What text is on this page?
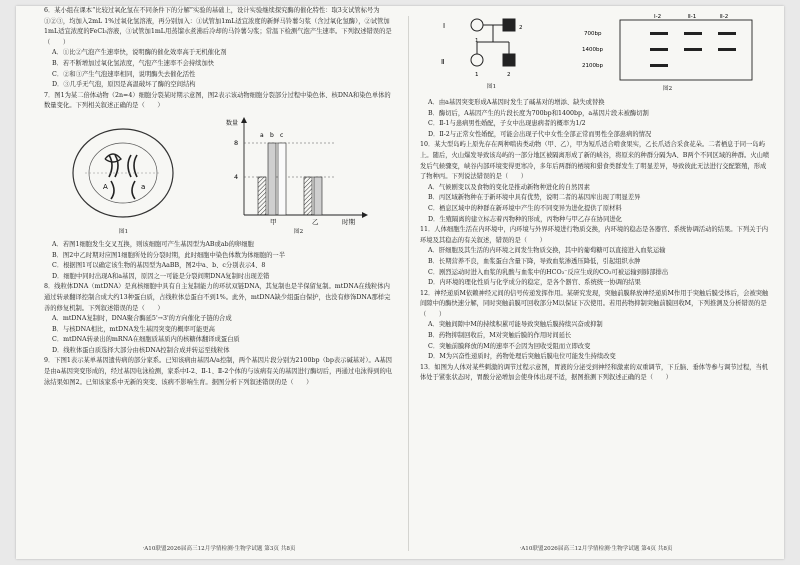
6．某小组在课本“比较过氧化氢在不同条件下的分解”实验的基础上，设计实验继续探究酶的催化特性：取3支试管标号为①②③，均加入2mL 1%过氧化氢溶液，再分别加入：①试管加1mL适宜浓度的新鲜马铃薯匀浆（含过氧化氢酶），②试管加1mL适宜浓度的FeCl₃溶液，③试管加1mL用蒸馏水煮沸后冷却的马铃薯匀浆；常温下检测气泡产生速率。下列叙述错误的是（　　）

A．①比②气泡产生速率快，说明酶的催化效率高于无机催化剂

B．若不断增加过氧化氢浓度，气泡产生速率不会持续加快

C．②和③产生气泡速率相同，说明酶失去催化活性

D．③几乎无气泡，原因是高温破坏了酶的空间结构

7．图1为某二倍体动物（2n=4）细胞分裂某时期示意图，图2表示该动物细胞分裂部分过程中染色体、核DNA和染色单体的数量变化。下列相关叙述正确的是（　　）

A	a
图1
数量
8
4
a b c
甲	乙	时期
图2

A．若图1细胞发生交叉互换，则该细胞可产生基因型为AB或ab的卵细胞

B．图2中乙时期对应图1细胞所处的分裂时期，此时细胞中染色体数为体细胞的一半

C．根据图1可以确定该生物的基因型为AaBB，图2中a、b、c分别表示4、8

D．细胞中同时出现A和a基因，原因之一可能是分裂间期DNA复制时出现差错

8．线粒体DNA（mtDNA）是真核细胞中具有自主复制能力的环状双链DNA，其复制也是半保留复制。mtDNA在线粒体内通过转录翻译控制合成大约13种蛋白质，占线粒体总蛋白不到1%。此外，mtDNA缺少组蛋白保护，也没有修饰DNA那样完善的修复机制。下列叙述错误的是（　　）

A．mtDNA复制时，DNA聚合酶延5'→3'的方向催化子链的合成

B．与核DNA相比，mtDNA发生基因突变的概率可能更高

C．mtDNA转录出的mRNA在细胞质基质内的核糖体翻译成蛋白质

D．线粒体蛋白质选择大部分由核DNA控制合成并转运至线粒体

9．下图1表示某单基因遗传病的部分家系。已知该病由基因A/a控制，两个基因片段分别为2100bp（bp表示碱基对）。A基因是由a基因突变形成的，经过基因电泳检测，家系中Ⅰ-2、Ⅱ-1、Ⅱ-2个体的与该病有关的基因进行酶切后，再通过电泳得到的电泳结果如图2。已知该家系中无新的突变、该病不影响生育。据图分析下列叙述错误的是（　　）

·A10联盟2026届高三12月学情检测·生物学试题 第3页 共8页
Ⅰ
Ⅱ
1
2
1	2
图1
Ⅰ-2	Ⅱ-1	Ⅱ-2
700bp
1400bp
2100bp
图2

A．由a基因突变形成A基因时发生了碱基对的增添、缺失或替换

B．酶切后，A基因产生的片段长度为700bp和1400bp，a基因片段未被酶切割

C．Ⅱ-1与患病男性婚配，子女中出现患病者的概率为1/2

D．Ⅱ-2与正常女性婚配，可能会出现子代中女性全部正常而男性全部患病的情况

10．某大型岛屿上原先存在两种啮齿类动物（甲、乙），甲为短爪适合啃食果实，乙长爪适合采食花朵。二者栖息于同一岛屿上。随后，火山爆发导致该岛屿的一部分地区被隔离形成了新的峡谷，将原来的种群分隔为A、B两个不同区域的种群。火山喷发后气候骤变，峡谷内部环境变得更寒冷，多年后两群的栖境和猎食类群发生了明显差异，导致彼此无法进行交配繁殖，形成了物种丙。下列说法错误的是（　　）

A．气候剧变以及食物的变化是推动新物种进化的自然因素

B．丙区域新物种在于新环境中具有优势，说明二者的基因库出现了明显差异

C．栖息区域中的种群在新环境中产生的不同变异为进化提供了原材料

D．生殖隔离的建立标志着丙物种的形成，丙物种与甲乙存在协同进化

11．人体细胞生活在内环境中，内环境与外界环境进行物质交换，内环境的稳态是各器官、系统协调活动的结果。下列关于内环境及其稳态的有关叙述，错误的是（　　）

A．肝细胞及其生活的内环境之间发生物质交换，其中的葡萄糖可以直接进入血浆运输

B．长期营养不良，血浆蛋白含量下降，导致血浆渗透压降低，引起组织水肿

C．剧烈运动时进入血浆的乳酸与血浆中的HCO₃⁻反应生成的CO₂可被运输到肺部排出

D．内环境的理化性质与化学成分的稳定，是各个器官、系统统一协调的结果

12．神经递质M依赖神经元间的信号传递发挥作用。某研究发现，突触前膜释放神经递质M作用于突触后膜受体后，会被突触间隙中的酶快速分解，同时突触前膜可回收部分M以保证下次使用。若用药物抑制突触前膜回收M，下列推测及分析错误的是（　　）

A．突触间隙中M的持续积累可能导致突触后膜持续兴奋或抑制

B．药物抑制回收后，M对突触后膜的作用时间延长

C．突触前膜释放的M的速率不会因为回收受阻而立即改变

D．M为兴奋性递质时，药物处理后突触后膜电位可能发生持续改变

13．如图为人体对某些刺激的调节过程示意图，胃液的分泌受到神经和激素的双重调节，下丘脑、垂体等参与调节过程，当机体处于紧张状态时，胃酸分泌增加会使身体出现不适，据图推测下列叙述正确的是（　　）

·A10联盟2026届高三12月学情检测·生物学试题 第4页 共8页
